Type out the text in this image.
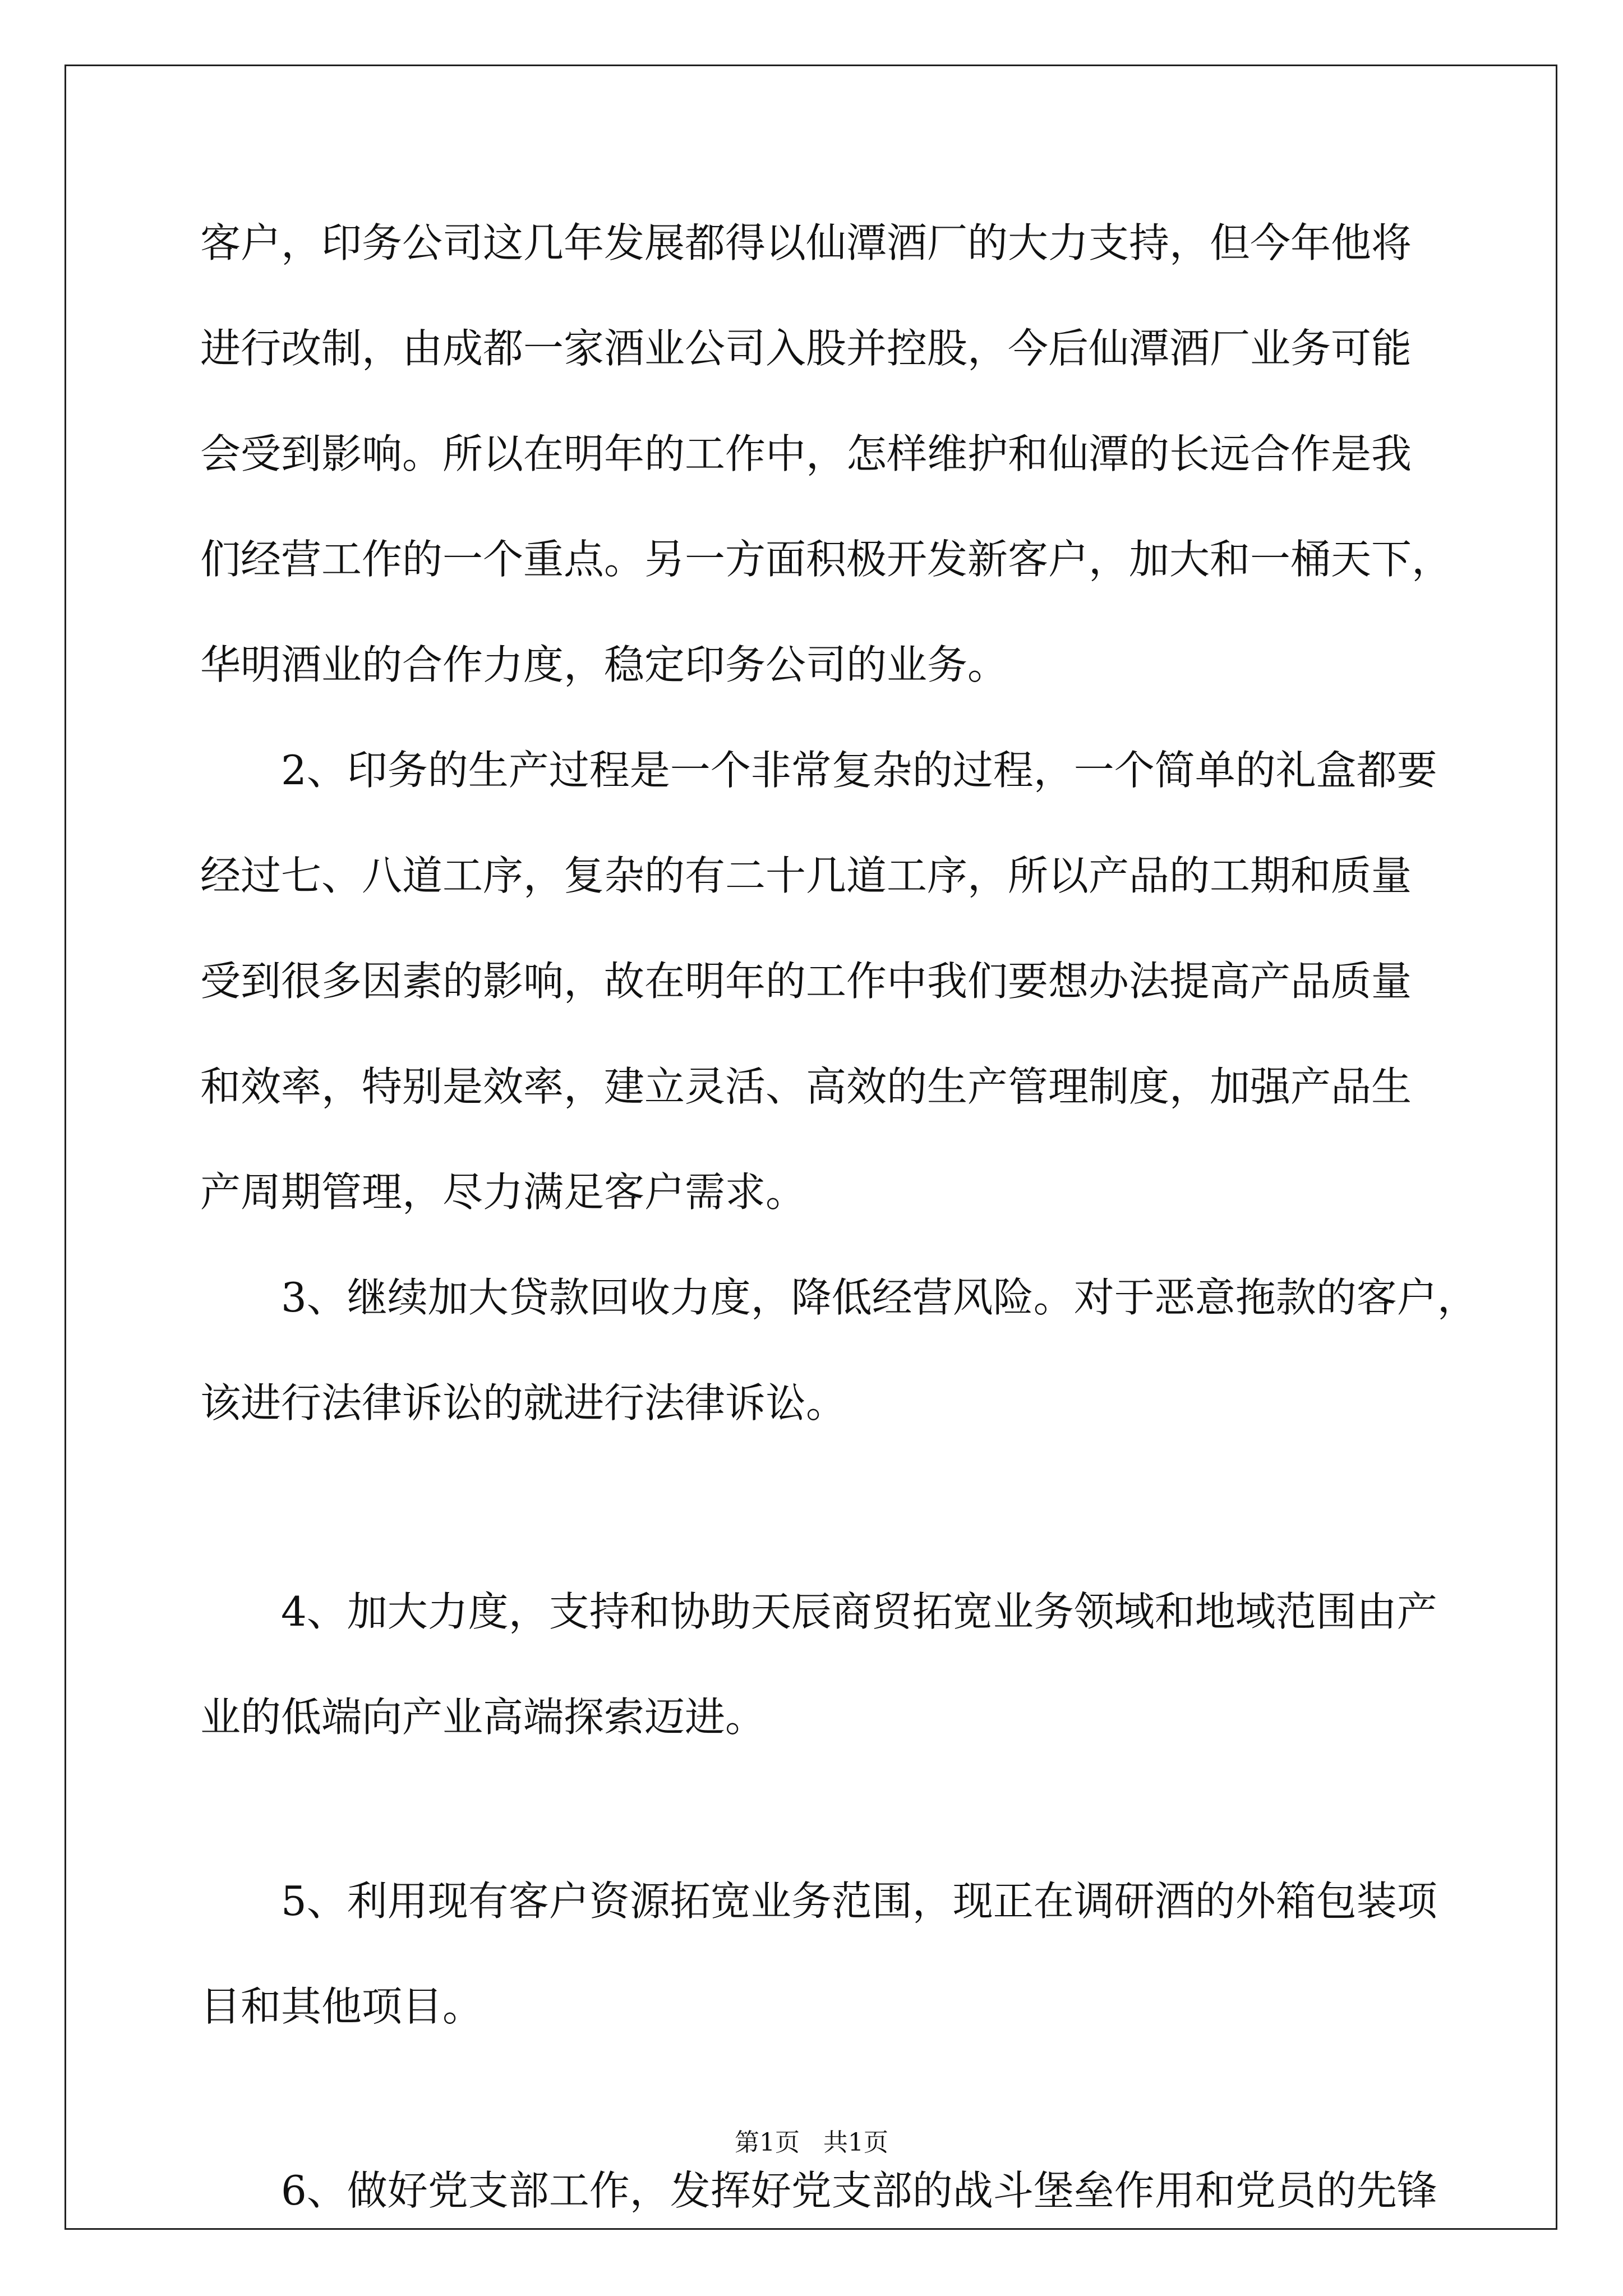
客户，印务公司这几年发展都得以仙潭酒厂的大力支持，但今年他将
进行改制，由成都一家酒业公司入股并控股，今后仙潭酒厂业务可能
会受到影响。所以在明年的工作中，怎样维护和仙潭的长远合作是我
们经营工作的一个重点。另一方面积极开发新客户，加大和一桶天下，
华明酒业的合作力度，稳定印务公司的业务。
2、印务的生产过程是一个非常复杂的过程，一个简单的礼盒都要
经过七、八道工序，复杂的有二十几道工序，所以产品的工期和质量
受到很多因素的影响，故在明年的工作中我们要想办法提高产品质量
和效率，特别是效率，建立灵活、高效的生产管理制度，加强产品生
产周期管理，尽力满足客户需求。
3、继续加大贷款回收力度，降低经营风险。对于恶意拖款的客户，
该进行法律诉讼的就进行法律诉讼。
4、加大力度，支持和协助天辰商贸拓宽业务领域和地域范围由产
业的低端向产业高端探索迈进。
5、利用现有客户资源拓宽业务范围，现正在调研酒的外箱包装项
目和其他项目。
6、做好党支部工作，发挥好党支部的战斗堡垒作用和党员的先锋
第1页 共1页
